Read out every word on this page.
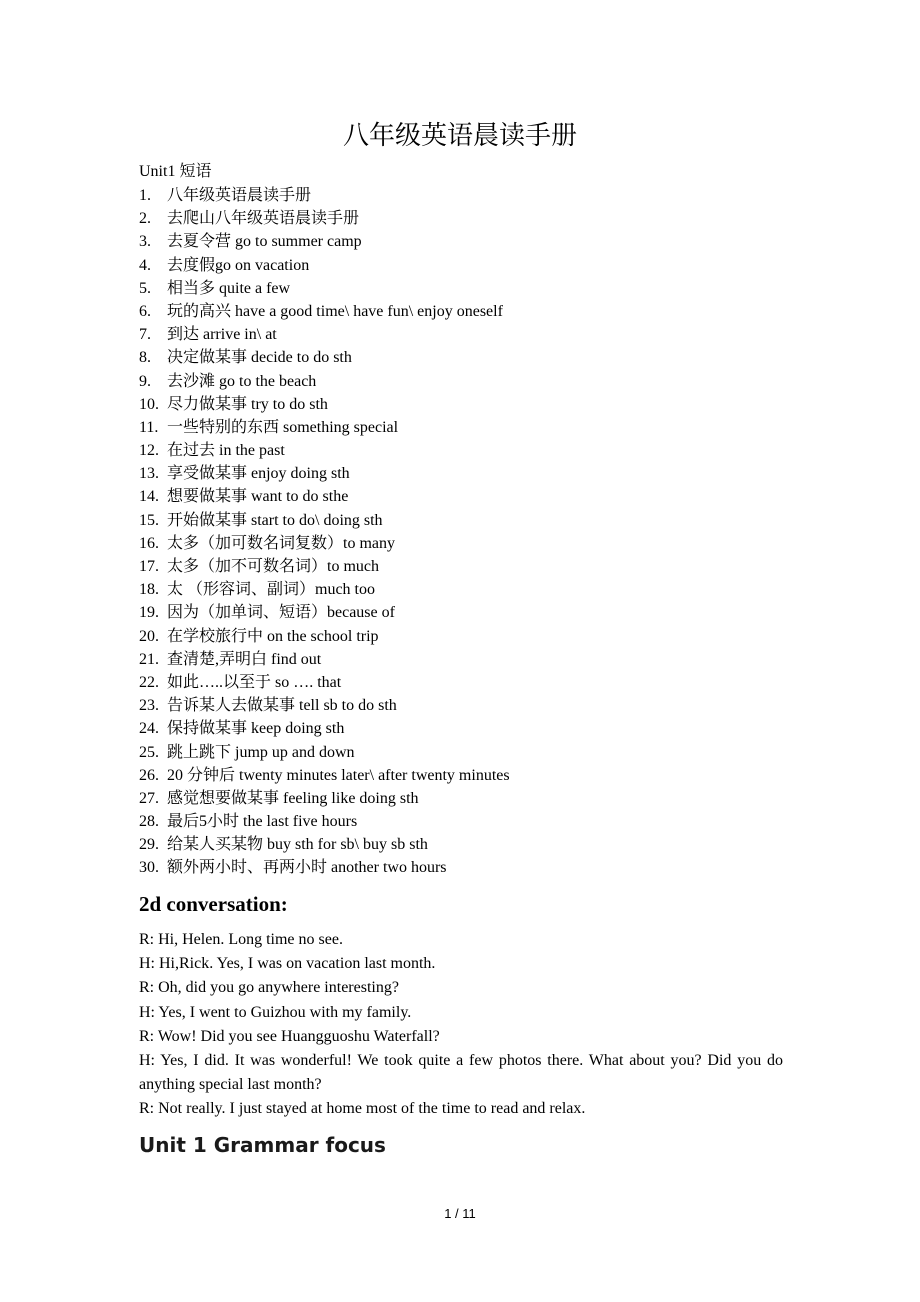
八年级英语晨读手册
Unit1 短语
1. 八年级英语晨读手册
2. 去爬山八年级英语晨读手册
3. 去夏令营 go to summer camp
4. 去度假go on vacation
5. 相当多 quite a few
6. 玩的高兴 have a good time\ have fun\ enjoy oneself
7. 到达 arrive in\ at
8. 决定做某事 decide to do sth
9. 去沙滩 go to the beach
10. 尽力做某事 try to do sth
11. 一些特别的东西 something special
12. 在过去 in the past
13. 享受做某事 enjoy doing sth
14. 想要做某事 want to do sthe
15. 开始做某事 start to do\ doing sth
16. 太多（加可数名词复数）to many
17. 太多（加不可数名词）to much
18. 太 （形容词、副词）much too
19. 因为（加单词、短语）because of
20. 在学校旅行中 on the school trip
21. 查清楚,弄明白 find out
22. 如此…..以至于 so …. that
23. 告诉某人去做某事 tell sb to do sth
24. 保持做某事 keep doing sth
25. 跳上跳下 jump up and down
26. 20 分钟后 twenty minutes later\ after twenty minutes
27. 感觉想要做某事 feeling like doing sth
28. 最后5小时 the last five hours
29. 给某人买某物 buy sth for sb\ buy sb sth
30. 额外两小时、再两小时 another two hours
2d conversation:
R: Hi, Helen. Long time no see.
H: Hi,Rick. Yes, I was on vacation last month.
R: Oh, did you go anywhere interesting?
H: Yes, I went to Guizhou with my family.
R: Wow! Did you see Huangguoshu Waterfall?
H: Yes, I did. It was wonderful! We took quite a few photos there. What about you? Did you do anything special last month?
R: Not really. I just stayed at home most of the time to read and relax.
Unit 1 Grammar focus
1 / 11
